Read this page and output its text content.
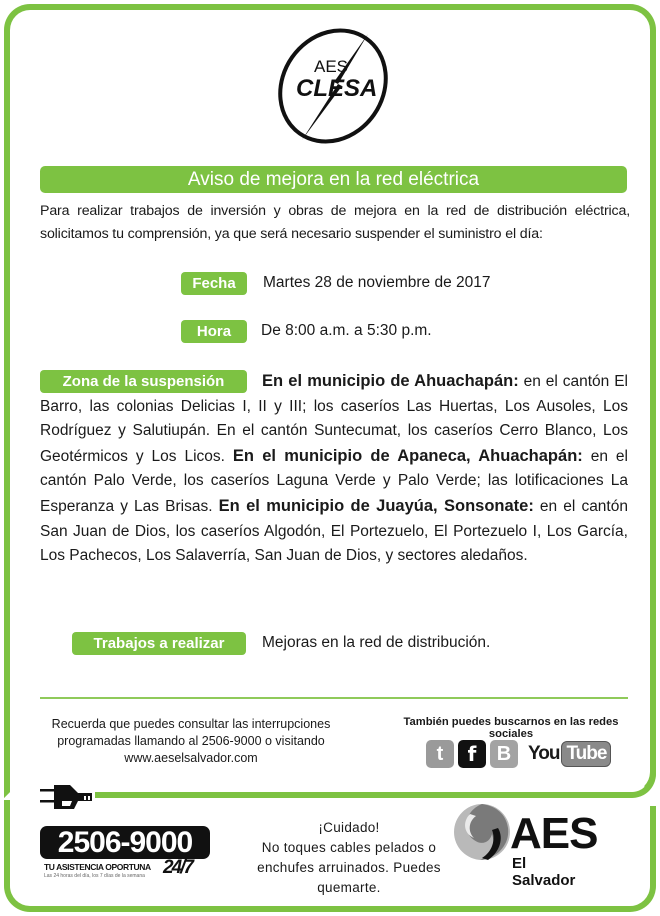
AES
CLESA
Aviso de mejora en la red eléctrica
Para realizar trabajos de inversión y obras de mejora en la red de distribución eléctrica, solicitamos tu comprensión, ya que será necesario suspender el suministro el día:
Fecha	Martes 28 de noviembre de 2017
Hora	De 8:00 a.m. a 5:30 p.m.
Zona de la suspensión	En el municipio de Ahuachapán: en el cantón El Barro, las colonias Delicias I, II y III; los caseríos Las Huertas, Los Ausoles, Los Rodríguez y Salutiupán. En el cantón Suntecumat, los caseríos Cerro Blanco, Los Geotérmicos y Los Licos. En el municipio de Apaneca, Ahuachapán: en el cantón Palo Verde, los caseríos Laguna Verde y Palo Verde; las lotificaciones La Esperanza y Las Brisas. En el municipio de Juayúa, Sonsonate: en el cantón San Juan de Dios, los caseríos Algodón, El Portezuelo, El Portezuelo I, Los García, Los Pachecos, Los Salaverría, San Juan de Dios, y sectores aledaños.
Trabajos a realizar	Mejoras en la red de distribución.
Recuerda que puedes consultar las interrupciones
programadas llamando al 2506-9000 o visitando
www.aeselsalvador.com
También puedes buscarnos en las redes sociales
t	f	B You Tube
2506-9000
TU ASISTENCIA OPORTUNA
Las 24 horas del día, los 7 días de la semana 24/7
¡Cuidado!
No toques cables pelados o
enchufes arruinados. Puedes
quemarte.
AES
El Salvador
